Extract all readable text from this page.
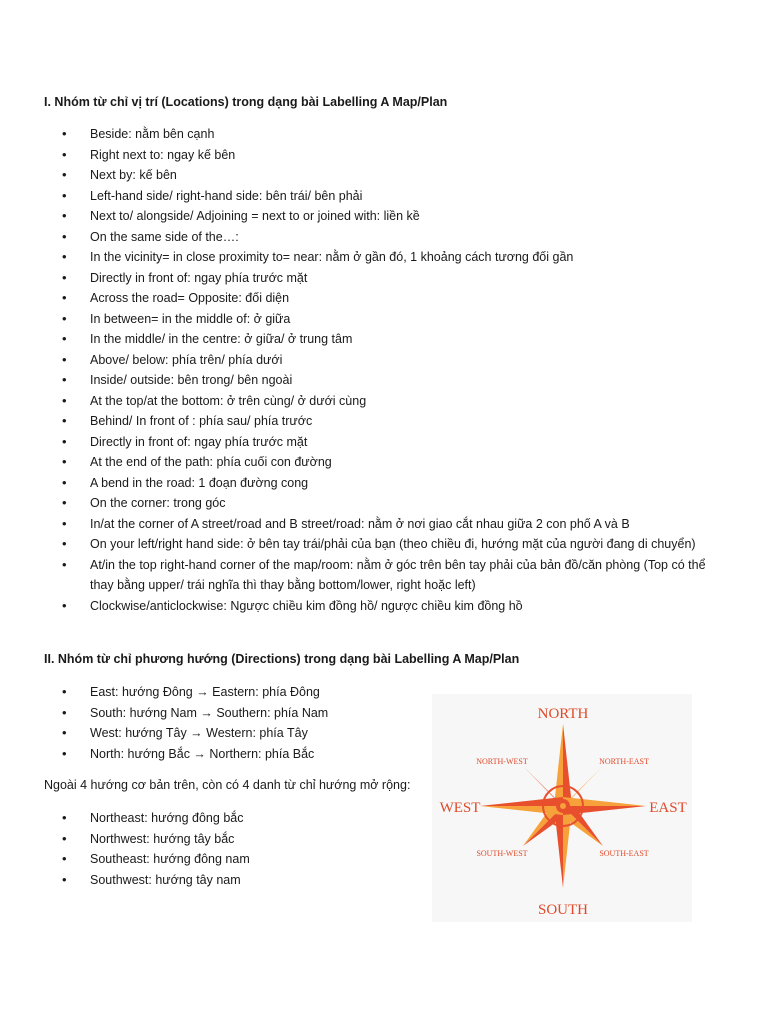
I. Nhóm từ chỉ vị trí (Locations) trong dạng bài Labelling A Map/Plan
• Beside: nằm bên cạnh
• Right next to: ngay kế bên
• Next by: kế bên
• Left-hand side/ right-hand side: bên trái/ bên phải
• Next to/ alongside/ Adjoining = next to or joined with: liền kề
• On the same side of the…:
• In the vicinity= in close proximity to= near: nằm ở gần đó, 1 khoảng cách tương đối gần
• Directly in front of: ngay phía trước mặt
• Across the road= Opposite: đối diện
• In between= in the middle of: ở giữa
• In the middle/ in the centre: ở giữa/ ở trung tâm
• Above/ below: phía trên/ phía dưới
• Inside/ outside: bên trong/ bên ngoài
• At the top/at the bottom: ở trên cùng/ ở dưới cùng
• Behind/ In front of : phía sau/ phía trước
• Directly in front of: ngay phía trước mặt
• At the end of the path: phía cuối con đường
• A bend in the road: 1 đoạn đường cong
• On the corner: trong góc
• In/at the corner of A street/road and B street/road: nằm ở nơi giao cắt nhau giữa 2 con phố A và B
• On your left/right hand side: ở bên tay trái/phải của bạn (theo chiều đi, hướng mặt của người đang di chuyển)
• At/in the top right-hand corner of the map/room: nằm ở góc trên bên tay phải của bản đồ/căn phòng (Top có thể thay bằng upper/ trái nghĩa thì thay bằng bottom/lower, right hoặc left)
• Clockwise/anticlockwise: Ngược chiều kim đồng hồ/ ngược chiều kim đồng hồ
II. Nhóm từ chỉ phương hướng (Directions) trong dạng bài Labelling A Map/Plan
• East: hướng Đông → Eastern: phía Đông
• South: hướng Nam → Southern: phía Nam
• West: hướng Tây → Western: phía Tây
• North: hướng Bắc → Northern: phía Bắc
Ngoài 4 hướng cơ bản trên, còn có 4 danh từ chỉ hướng mở rộng:
• Northeast: hướng đông bắc
• Northwest: hướng tây bắc
• Southeast: hướng đông nam
• Southwest: hướng tây nam
NORTH
SOUTH
WEST	EAST
NORTH-WEST	NORTH-EAST
SOUTH-WEST	SOUTH-EAST
